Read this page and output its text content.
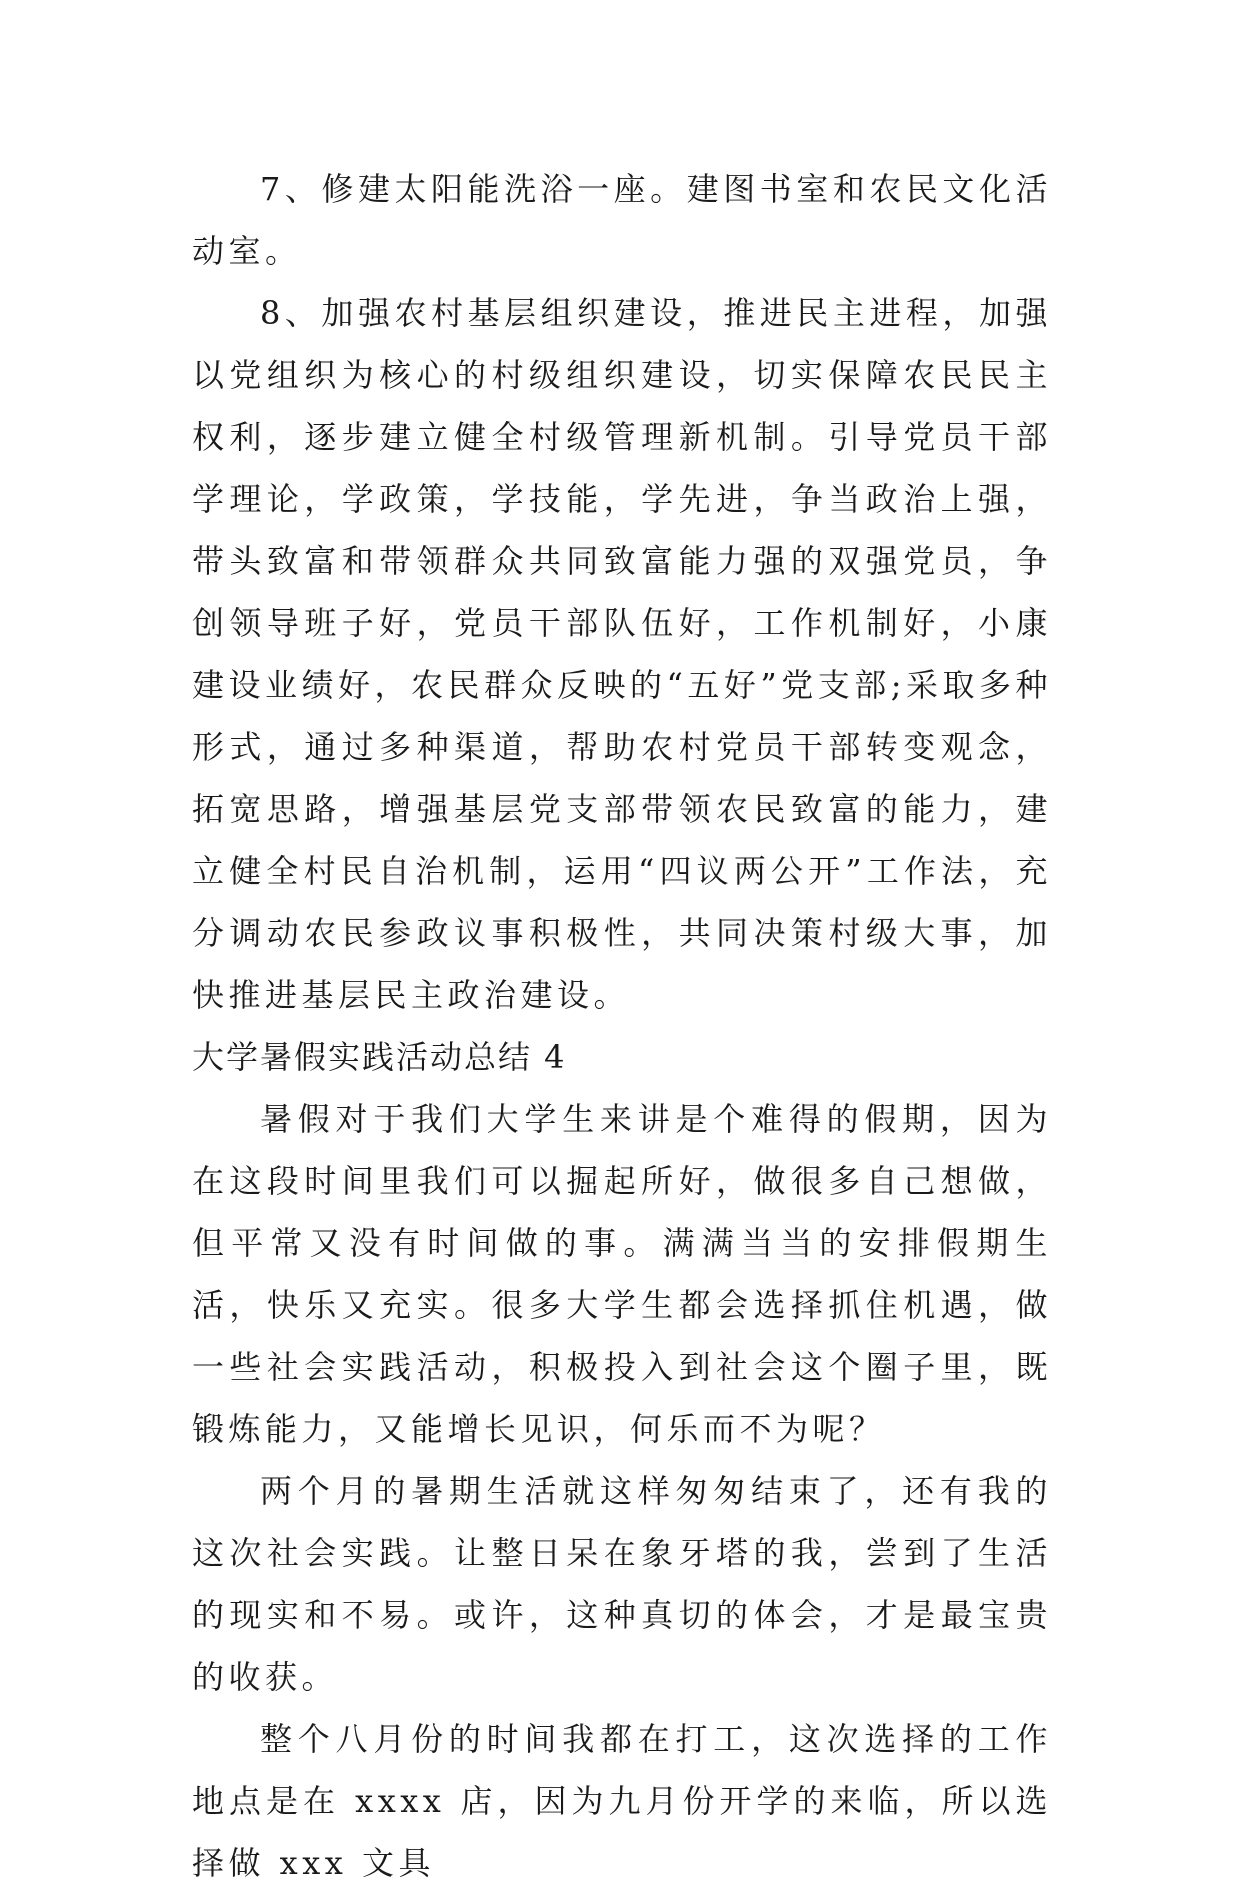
7、修建太阳能洗浴一座。建图书室和农民文化活动室。

8、加强农村基层组织建设，推进民主进程，加强以党组织为核心的村级组织建设，切实保障农民民主权利，逐步建立健全村级管理新机制。引导党员干部学理论，学政策，学技能，学先进，争当政治上强，带头致富和带领群众共同致富能力强的双强党员，争创领导班子好，党员干部队伍好，工作机制好，小康建设业绩好，农民群众反映的“五好”党支部;采取多种形式，通过多种渠道，帮助农村党员干部转变观念，拓宽思路，增强基层党支部带领农民致富的能力，建立健全村民自治机制，运用“四议两公开”工作法，充分调动农民参政议事积极性，共同决策村级大事，加快推进基层民主政治建设。

大学暑假实践活动总结 4

暑假对于我们大学生来讲是个难得的假期，因为在这段时间里我们可以掘起所好，做很多自己想做，但平常又没有时间做的事。满满当当的安排假期生活，快乐又充实。很多大学生都会选择抓住机遇，做一些社会实践活动，积极投入到社会这个圈子里，既锻炼能力，又能增长见识，何乐而不为呢？

两个月的暑期生活就这样匆匆结束了，还有我的这次社会实践。让整日呆在象牙塔的我，尝到了生活的现实和不易。或许，这种真切的体会，才是最宝贵的收获。

整个八月份的时间我都在打工，这次选择的工作地点是在 xxxx 店，因为九月份开学的来临，所以选择做 xxx 文具
